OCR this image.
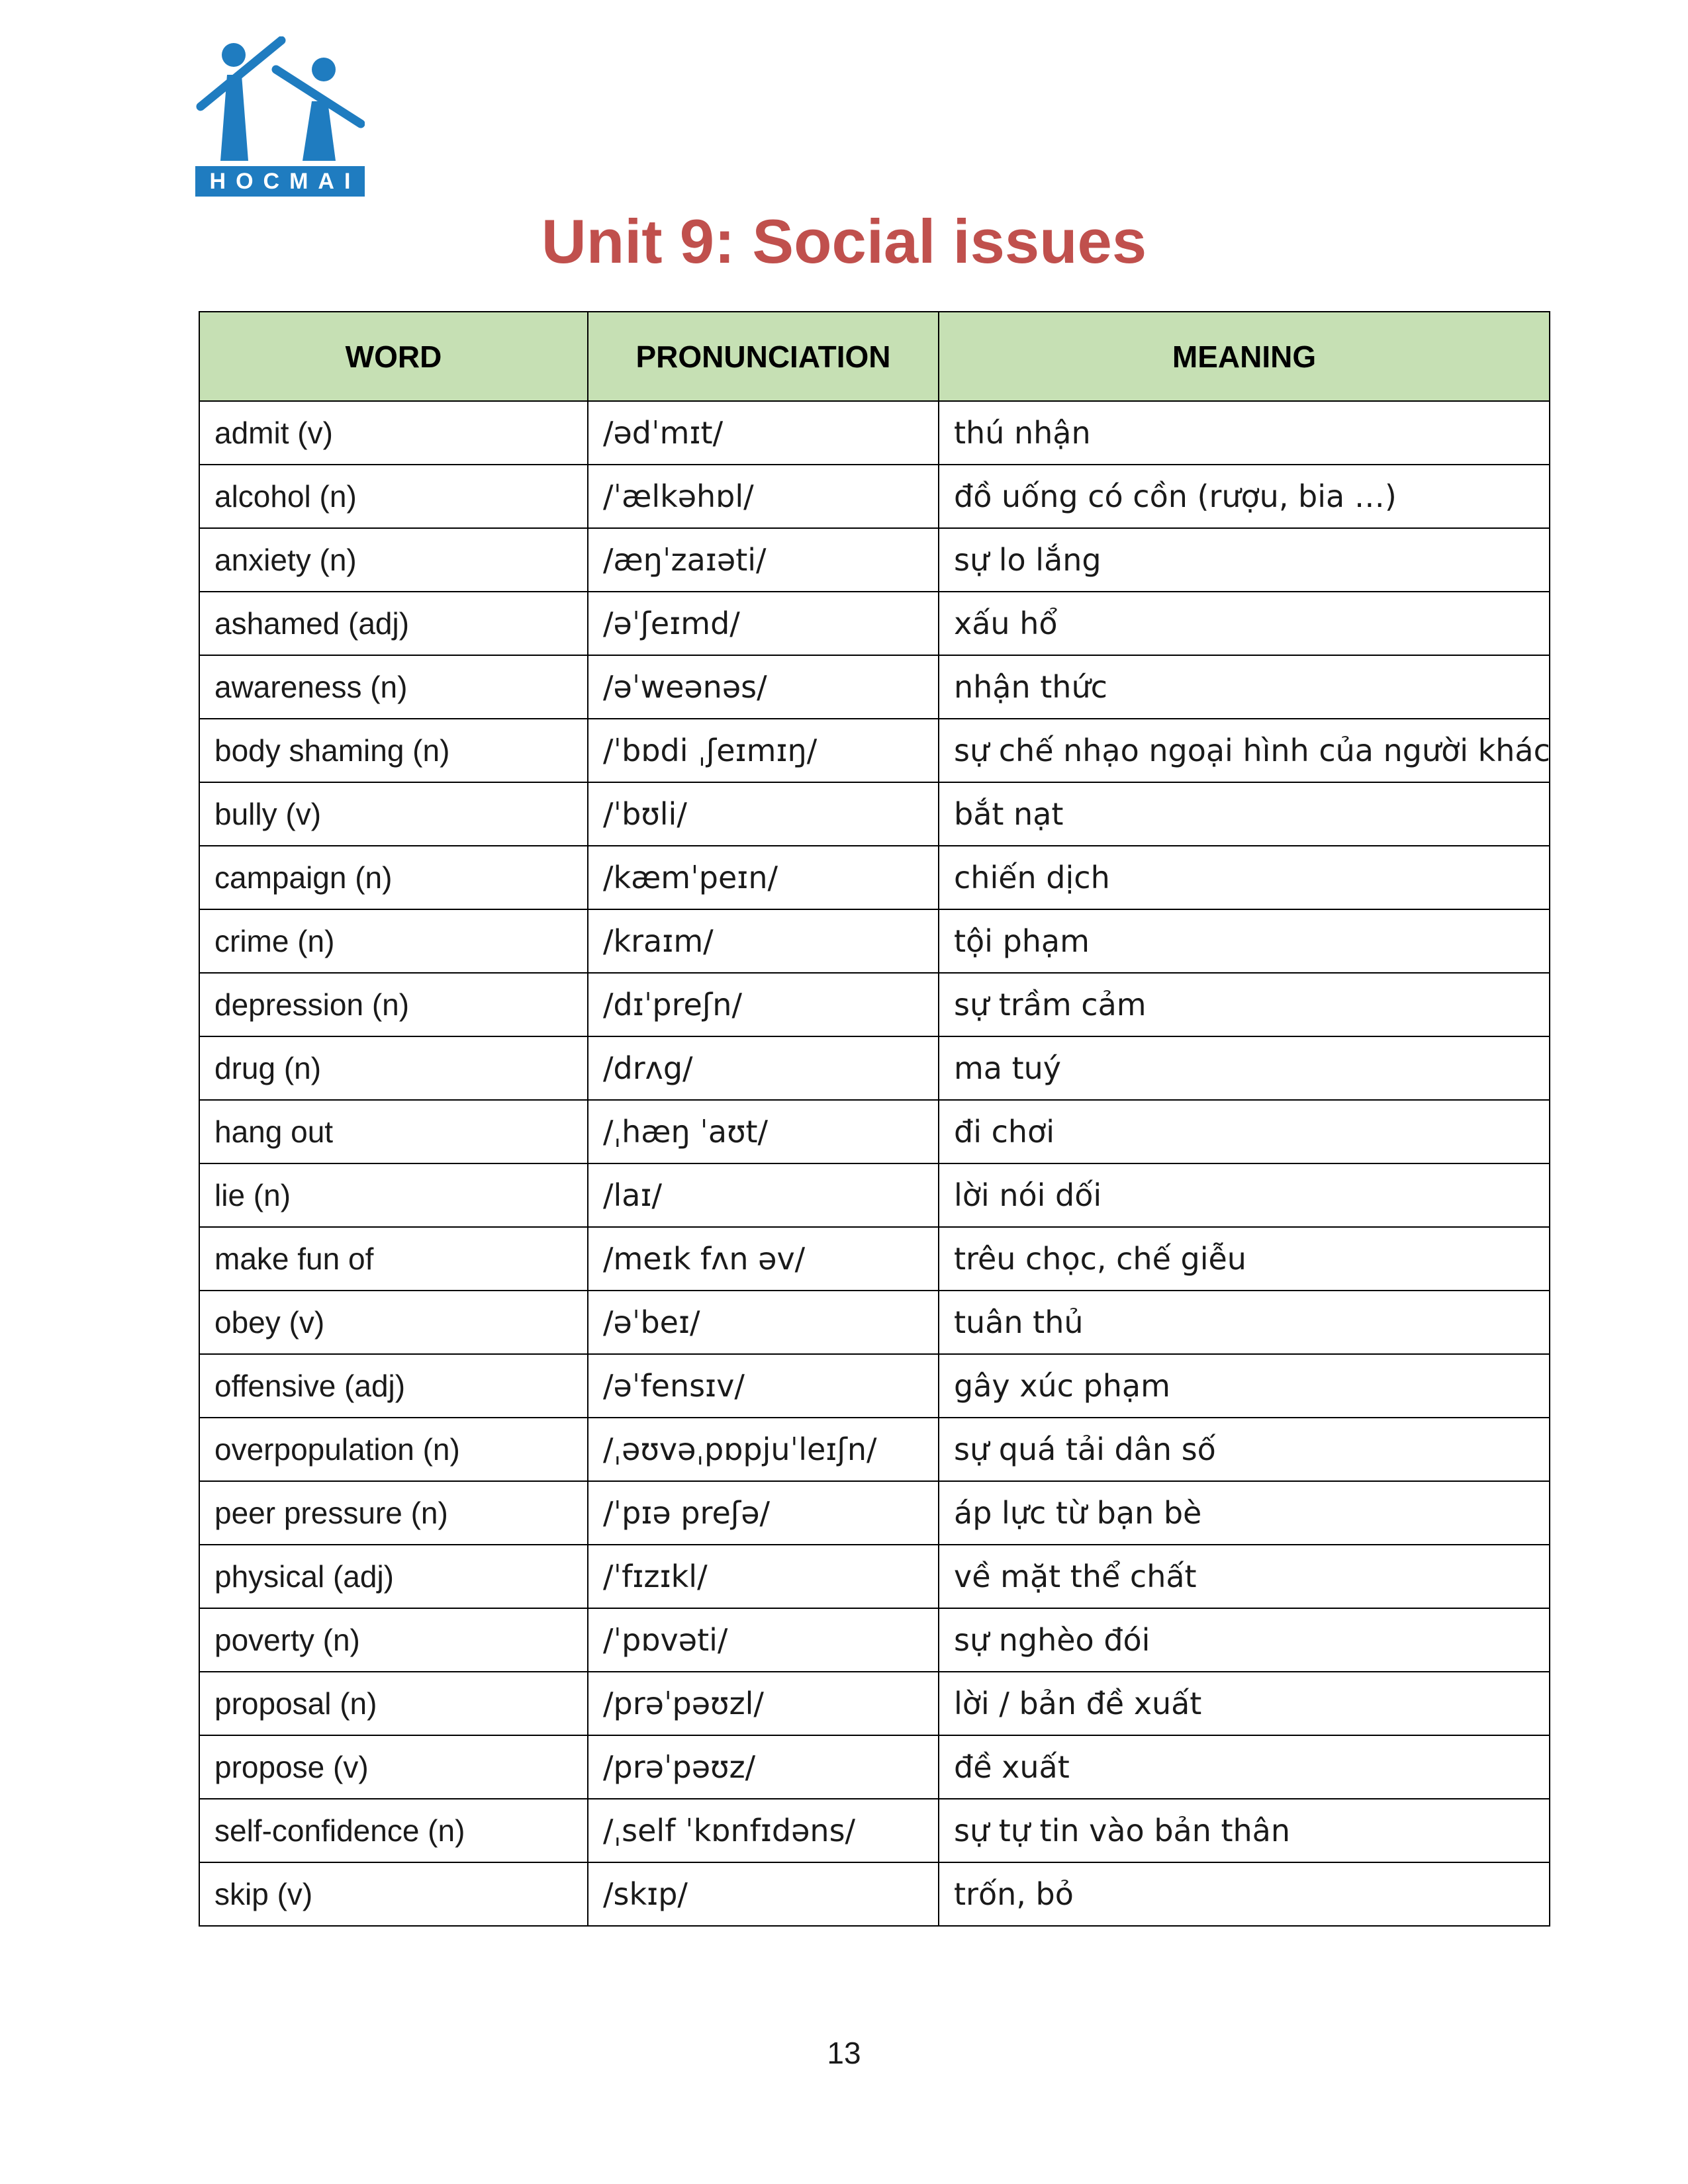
HOCMAI
Unit 9: Social issues
WORD	PRONUNCIATION	MEANING
admit (v)	/ədˈmɪt/	thú nhận
alcohol (n)	/ˈælkəhɒl/	đồ uống có cồn (rượu, bia …)
anxiety (n)	/æŋˈzaɪəti/	sự lo lắng
ashamed (adj)	/əˈʃeɪmd/	xấu hổ
awareness (n)	/əˈweənəs/	nhận thức
body shaming (n)	/ˈbɒdi ˌʃeɪmɪŋ/	sự chế nhạo ngoại hình của người khác
bully (v)	/ˈbʊli/	bắt nạt
campaign (n)	/kæmˈpeɪn/	chiến dịch
crime (n)	/kraɪm/	tội phạm
depression (n)	/dɪˈpreʃn/	sự trầm cảm
drug (n)	/drʌg/	ma tuý
hang out	/ˌhæŋ ˈaʊt/	đi chơi
lie (n)	/laɪ/	lời nói dối
make fun of	/meɪk fʌn əv/	trêu chọc, chế giễu
obey (v)	/əˈbeɪ/	tuân thủ
offensive (adj)	/əˈfensɪv/	gây xúc phạm
overpopulation (n)	/ˌəʊvəˌpɒpjuˈleɪʃn/	sự quá tải dân số
peer pressure (n)	/ˈpɪə preʃə/	áp lực từ bạn bè
physical (adj)	/ˈfɪzɪkl/	về mặt thể chất
poverty (n)	/ˈpɒvəti/	sự nghèo đói
proposal (n)	/prəˈpəʊzl/	lời / bản đề xuất
propose (v)	/prəˈpəʊz/	đề xuất
self-confidence (n)	/ˌself ˈkɒnfɪdəns/	sự tự tin vào bản thân
skip (v)	/skɪp/	trốn, bỏ
13
